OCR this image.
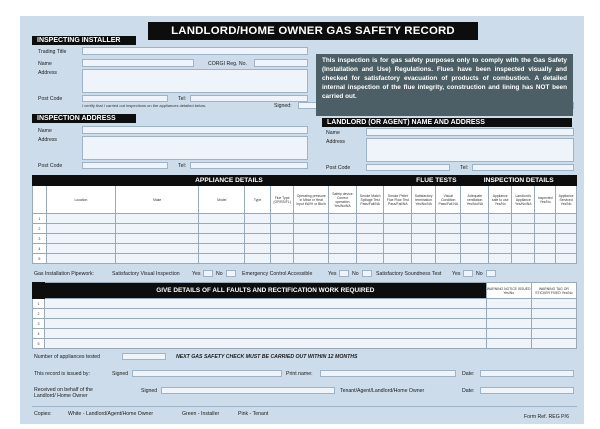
LANDLORD/HOME OWNER GAS SAFETY RECORD
INSPECTING INSTALLER
Trading Title
Name	CORGI Reg. No.
Address
Post Code	Tel:
I certify that I carried out inspections on the appliances detailed below.	Signed:
This inspection is for gas safety purposes only to comply with the Gas Safety (Installation and Use) Regulations. Flues have been inspected visually and checked for satisfactory evacuation of products of combustion. A detailed internal inspection of the flue integrity, construction and lining has NOT been carried out.
INSPECTION ADDRESS
Name
Address
Post Code	Tel:
LANDLORD (OR AGENT) NAME AND ADDRESS
Name
Address
Post Code	Tel:
	APPLIANCE DETAILS									FLUE TESTS		INSPECTION DETAILS				
	Location	Make	Model	Type	Flue Type (OF/RS/FL)	Operating pressure in Mbar or Heat input kW/H or Btu/h	Safety device Correct operation Yes/No/NA	Smoke Match Spillage Test Pass/Fail/NA	Smoke Pellet Flue Flow Test Pass/Fail/NA	Satisfactory termination Yes/No/NA	Visual Condition Pass/Fail NA	Adequate ventilation Yes/No/NA	Appliance safe to use Yes/No	Landlord's Appliance Yes/No/NA	Inspected Yes/No	Appliance Serviced Yes/No
1																
2																
3																
4																
5																
Gas Installation Pipework:	Satisfactory Visual Inspection Yes	No	Emergency Control Accessible	Yes	No	Satisfactory Soundness Test Yes	No
	GIVE DETAILS OF ALL FAULTS AND RECTIFICATION WORK REQUIRED	WARNING NOTICE ISSUED Yes/No	WARNING TAG OR STICKER FIXED Yes/No
1			
2			
3			
4			
5			
Number of appliances tested	NEXT GAS SAFETY CHECK MUST BE CARRIED OUT WITHIN 12 MONTHS
This record is issued by:	Signed	Print name:	Date:
Received on behalf of the Landlord/ Home Owner
Signed	Tenant/Agent/Landlord/Home Owner	Date:
Copies:	White - Landlord/Agent/Home Owner	Green - Installer	Pink - Tenant	Form Ref. REG P/6
